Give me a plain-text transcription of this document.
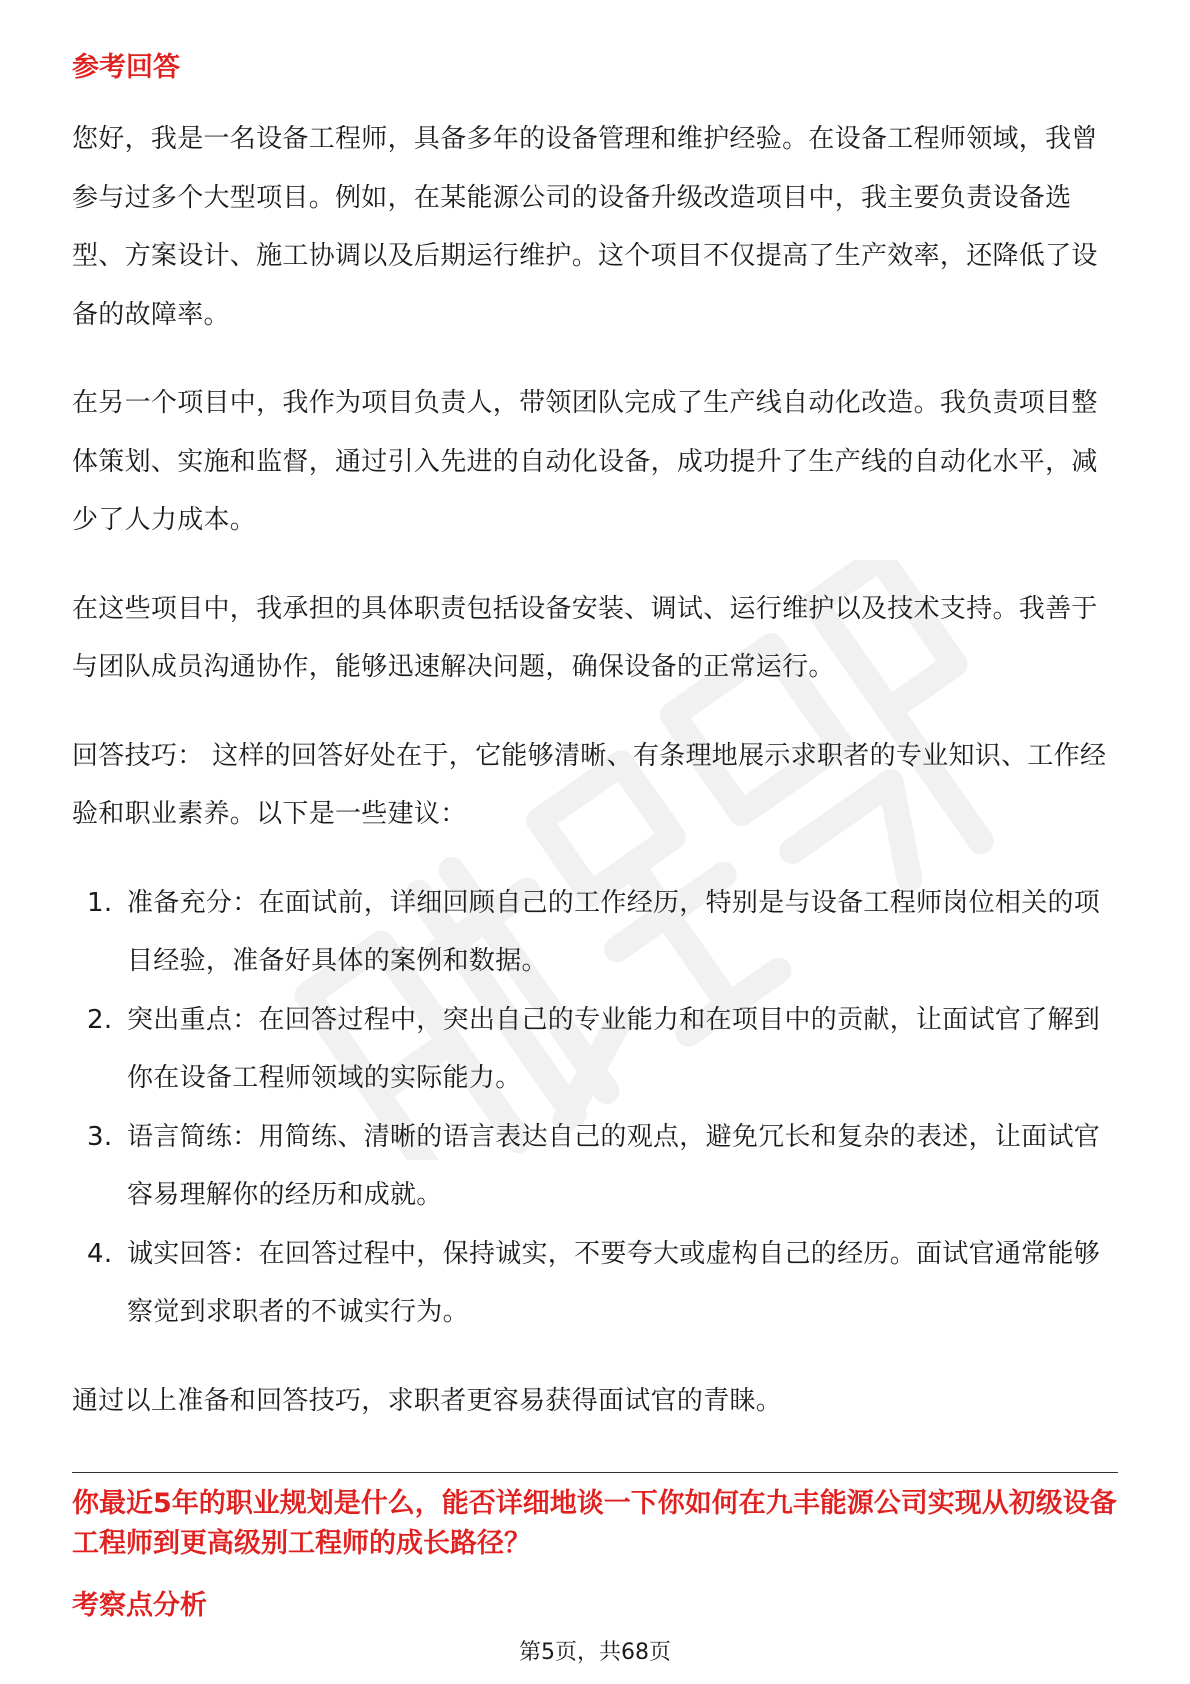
参考回答

您好，我是一名设备工程师，具备多年的设备管理和维护经验。在设备工程师领域，我曾参与过多个大型项目。例如，在某能源公司的设备升级改造项目中，我主要负责设备选型、方案设计、施工协调以及后期运行维护。这个项目不仅提高了生产效率，还降低了设备的故障率。

在另一个项目中，我作为项目负责人，带领团队完成了生产线自动化改造。我负责项目整体策划、实施和监督，通过引入先进的自动化设备，成功提升了生产线的自动化水平，减少了人力成本。

在这些项目中，我承担的具体职责包括设备安装、调试、运行维护以及技术支持。我善于与团队成员沟通协作，能够迅速解决问题，确保设备的正常运行。

回答技巧： 这样的回答好处在于，它能够清晰、有条理地展示求职者的专业知识、工作经验和职业素养。以下是一些建议：

1. 准备充分：在面试前，详细回顾自己的工作经历，特别是与设备工程师岗位相关的项目经验，准备好具体的案例和数据。
2. 突出重点：在回答过程中，突出自己的专业能力和在项目中的贡献，让面试官了解到你在设备工程师领域的实际能力。
3. 语言简练：用简练、清晰的语言表达自己的观点，避免冗长和复杂的表述，让面试官容易理解你的经历和成就。
4. 诚实回答：在回答过程中，保持诚实，不要夸大或虚构自己的经历。面试官通常能够察觉到求职者的不诚实行为。

通过以上准备和回答技巧，求职者更容易获得面试官的青睐。

你最近5年的职业规划是什么，能否详细地谈一下你如何在九丰能源公司实现从初级设备工程师到更高级别工程师的成长路径？

考察点分析
第5页，共68页
